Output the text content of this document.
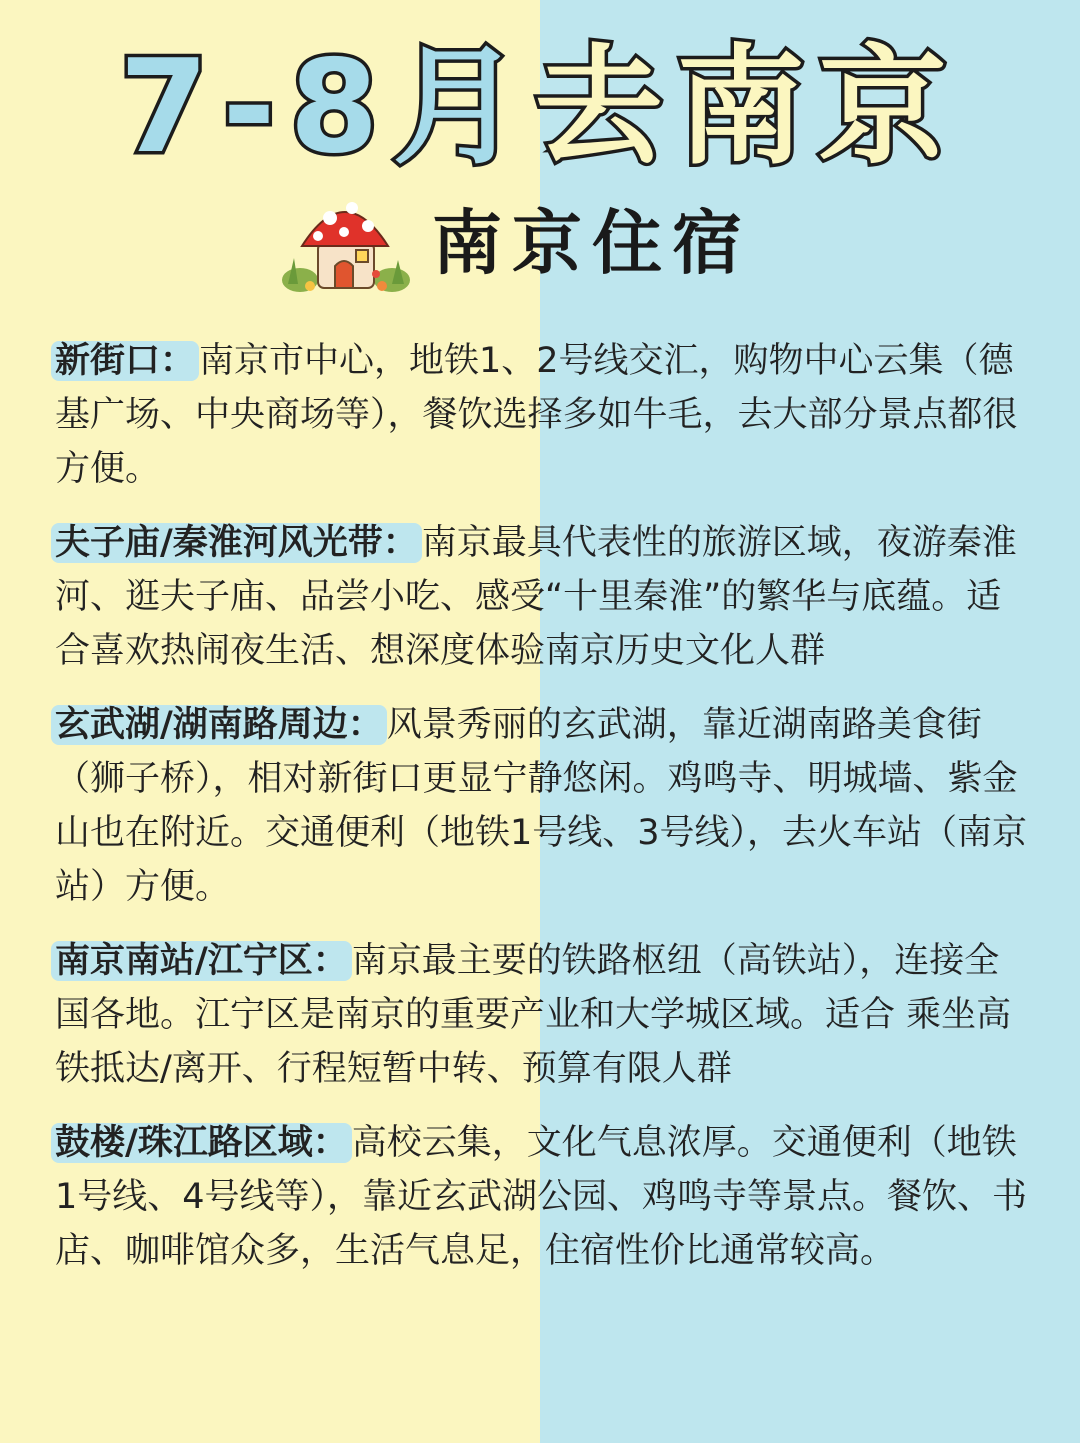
7-8月 去南京
南京住宿
新街口： 南京市中心，地铁1、2号线交汇，购物中心云集（德基广场、中央商场等），餐饮选择多如牛毛，去大部分景点都很方便。
夫子庙/秦淮河风光带： 南京最具代表性的旅游区域，夜游秦淮河、逛夫子庙、品尝小吃、感受“十里秦淮”的繁华与底蕴。适合喜欢热闹夜生活、想深度体验南京历史文化人群
玄武湖/湖南路周边： 风景秀丽的玄武湖，靠近湖南路美食街（狮子桥），相对新街口更显宁静悠闲。鸡鸣寺、明城墙、紫金山也在附近。交通便利（地铁1号线、3号线），去火车站（南京站）方便。
南京南站/江宁区： 南京最主要的铁路枢纽（高铁站），连接全国各地。江宁区是南京的重要产业和大学城区域。适合 乘坐高铁抵达/离开、行程短暂中转、预算有限人群
鼓楼/珠江路区域： 高校云集，文化气息浓厚。交通便利（地铁1号线、4号线等），靠近玄武湖公园、鸡鸣寺等景点。餐饮、书店、咖啡馆众多，生活气息足，住宿性价比通常较高。
